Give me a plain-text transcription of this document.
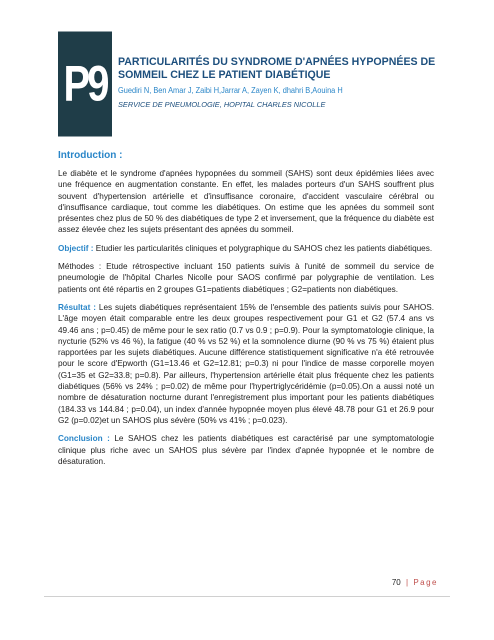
P9	PARTICULARITÉS DU SYNDROME D'APNÉES HYPOPNÉES DE SOMMEIL CHEZ LE PATIENT DIABÉTIQUE
Guediri N, Ben Amar J, Zaibi H,Jarrar A, Zayen K, dhahri B,Aouina H
SERVICE DE PNEUMOLOGIE, HOPITAL CHARLES NICOLLE
Introduction :

Le diabète et le syndrome d'apnées hypopnées du sommeil (SAHS) sont deux épidémies liées avec une fréquence en augmentation constante. En effet, les malades porteurs d'un SAHS souffrent plus souvent d'hypertension artérielle et d'insuffisance coronaire, d'accident vasculaire cérébral ou d'insuffisance cardiaque, tout comme les diabétiques. On estime que les apnées du sommeil sont présentes chez plus de 50 % des diabétiques de type 2 et inversement, que la fréquence du diabète est assez élevée chez les sujets présentant des apnées du sommeil.

Objectif : Etudier les particularités cliniques et polygraphique du SAHOS chez les patients diabétiques.

Méthodes : Etude rétrospective incluant 150 patients suivis à l'unité de sommeil du service de pneumologie de l'hôpital Charles Nicolle pour SAOS confirmé par polygraphie de ventilation. Les patients ont été répartis en 2 groupes G1=patients diabétiques ; G2=patients non diabétiques.

Résultat : Les sujets diabétiques représentaient 15% de l'ensemble des patients suivis pour SAHOS. L'âge moyen était comparable entre les deux groupes respectivement pour G1 et G2 (57.4 ans vs 49.46 ans ; p=0.45) de même pour le sex ratio (0.7 vs 0.9 ; p=0.9). Pour la symptomatologie clinique, la nycturie (52% vs 46 %), la fatigue (40 % vs 52 %) et la somnolence diurne (90 % vs 75 %) étaient plus rapportées par les sujets diabétiques. Aucune différence statistiquement significative n'a été retrouvée pour le score d'Epworth (G1=13.46 et G2=12.81; p=0.3) ni pour l'indice de masse corporelle moyen (G1=35 et G2=33.8; p=0.8). Par ailleurs, l'hypertension artérielle était plus fréquente chez les patients diabétiques (56% vs 24% ; p=0.02) de même pour l'hypertriglycéridémie (p=0.05).On a aussi noté un nombre de désaturation nocturne durant l'enregistrement plus important pour les patients diabétiques (184.33 vs 144.84 ; p=0.04), un index d'année hypopnée moyen plus élevé 48.78 pour G1 et 26.9 pour G2 (p=0.02)et un SAHOS plus sévère (50% vs 41% ; p=0.023).

Conclusion : Le SAHOS chez les patients diabétiques est caractérisé par une symptomatologie clinique plus riche avec un SAHOS plus sévère par l'index d'apnée hypopnée et le nombre de désaturation.

70 | Page
